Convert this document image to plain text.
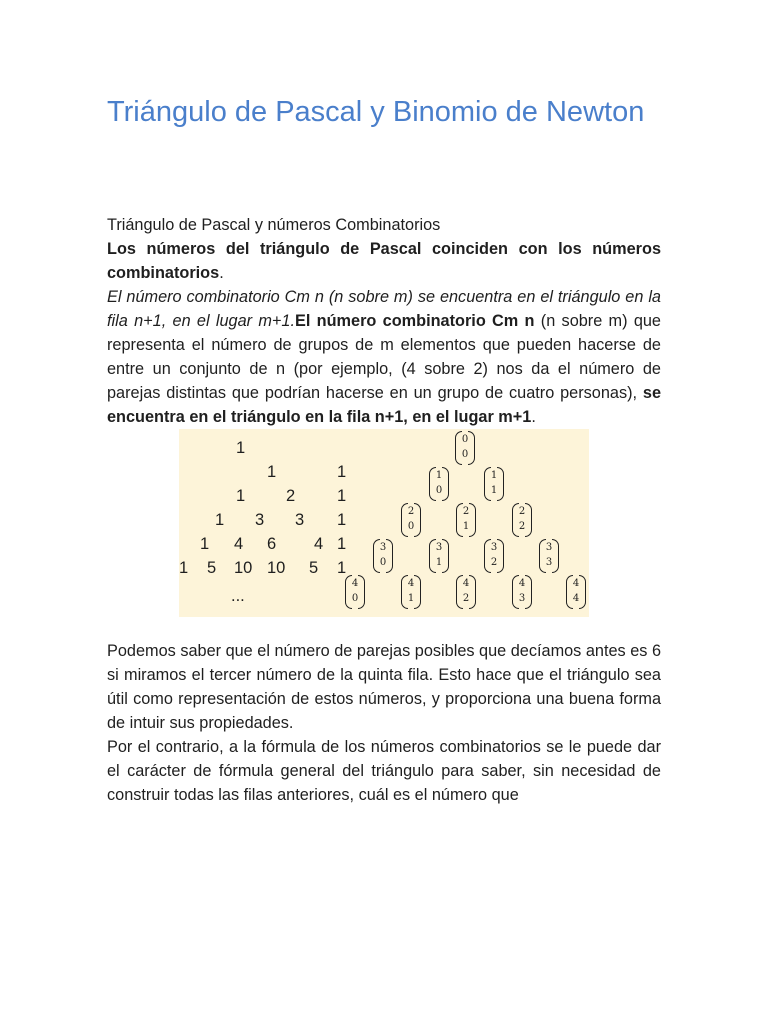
Triángulo de Pascal y Binomio de Newton

Triángulo de Pascal y números Combinatorios

Los números del triángulo de Pascal coinciden con los números combinatorios.

El número combinatorio Cm n (n sobre m) se encuentra en el triángulo en la fila n+1, en el lugar m+1.El número combinatorio Cm n (n sobre m) que representa el número de grupos de m elementos que pueden hacerse de entre un conjunto de n (por ejemplo, (4 sobre 2) nos da el número de parejas distintas que podrían hacerse en un grupo de cuatro personas), se encuentra en el triángulo en la fila n+1, en el lugar m+1.

1
1	1
1 2	1
1 3 3 1
1 4 6 4 1
1 5 10 10 5 1
...
0
0
1
0
1
1
2
0
2
1
2
2
3
0
3
1
3
2
3
3
4
0
4
1
4
2
4
3
4
4

Podemos saber que el número de parejas posibles que decíamos antes es 6 si miramos el tercer número de la quinta fila. Esto hace que el triángulo sea útil como representación de estos números, y proporciona una buena forma de intuir sus propiedades.

Por el contrario, a la fórmula de los números combinatorios se le puede dar el carácter de fórmula general del triángulo para saber, sin necesidad de construir todas las filas anteriores, cuál es el número que
